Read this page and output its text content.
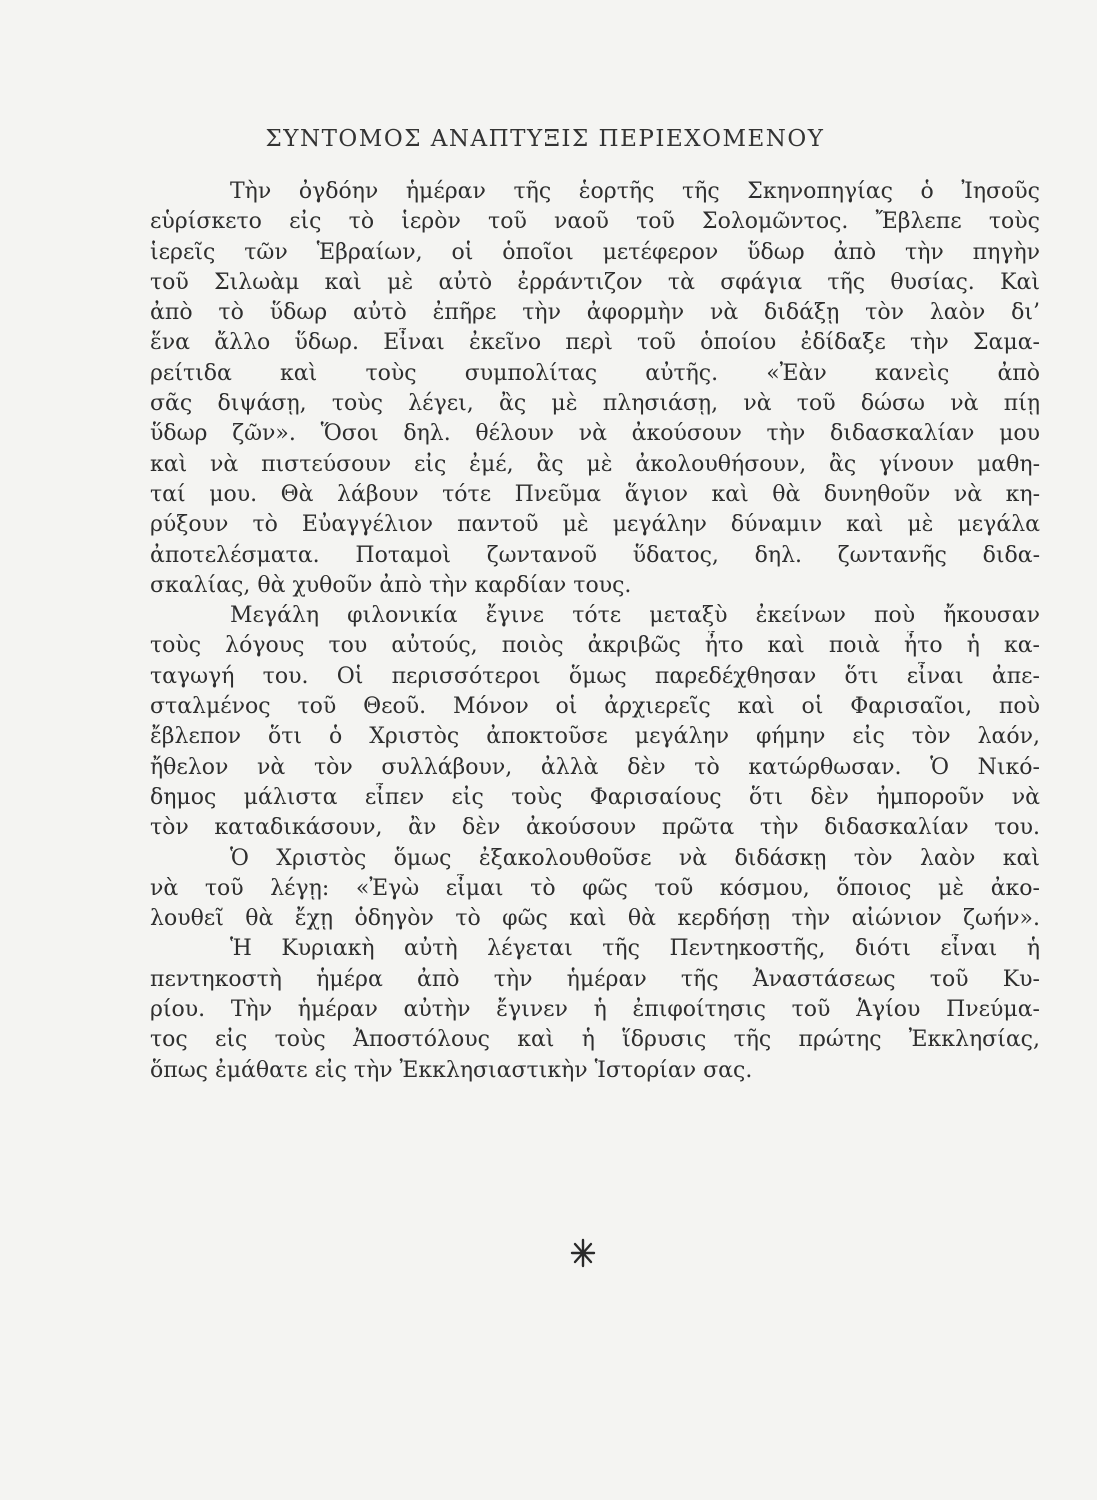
ΣΥΝΤΟΜΟΣ ΑΝΑΠΤΥΞΙΣ ΠΕΡΙΕΧΟΜΕΝΟΥ
Τὴν ὀγδόην ἡμέραν τῆς ἑορτῆς τῆς Σκηνοπηγίας ὁ Ἰησοῦς
εὑρίσκετο εἰς τὸ ἱερὸν τοῦ ναοῦ τοῦ Σολομῶντος. Ἔβλεπε τοὺς
ἱερεῖς τῶν Ἑβραίων, οἱ ὁποῖοι μετέφερον ὕδωρ ἀπὸ τὴν πηγὴν
τοῦ Σιλωὰμ καὶ μὲ αὐτὸ ἐρράντιζον τὰ σφάγια τῆς θυσίας. Καὶ
ἀπὸ τὸ ὕδωρ αὐτὸ ἐπῆρε τὴν ἀφορμὴν νὰ διδάξῃ τὸν λαὸν δι’
ἕνα ἄλλο ὕδωρ. Εἶναι ἐκεῖνο περὶ τοῦ ὁποίου ἐδίδαξε τὴν Σαμα-
ρείτιδα καὶ τοὺς συμπολίτας αὐτῆς. «Ἐὰν κανεὶς ἀπὸ
σᾶς διψάσῃ, τοὺς λέγει, ἂς μὲ πλησιάσῃ, νὰ τοῦ δώσω νὰ πίῃ
ὕδωρ ζῶν». Ὅσοι δηλ. θέλουν νὰ ἀκούσουν τὴν διδασκαλίαν μου
καὶ νὰ πιστεύσουν εἰς ἐμέ, ἂς μὲ ἀκολουθήσουν, ἂς γίνουν μαθη-
ταί μου. Θὰ λάβουν τότε Πνεῦμα ἅγιον καὶ θὰ δυνηθοῦν νὰ κη-
ρύξουν τὸ Εὐαγγέλιον παντοῦ μὲ μεγάλην δύναμιν καὶ μὲ μεγάλα
ἀποτελέσματα. Ποταμοὶ ζωντανοῦ ὕδατος, δηλ. ζωντανῆς διδα-
σκαλίας, θὰ χυθοῦν ἀπὸ τὴν καρδίαν τους.
Μεγάλη φιλονικία ἔγινε τότε μεταξὺ ἐκείνων ποὺ ἤκουσαν
τοὺς λόγους του αὐτούς, ποιὸς ἀκριβῶς ἦτο καὶ ποιὰ ἦτο ἡ κα-
ταγωγή του. Οἱ περισσότεροι ὅμως παρεδέχθησαν ὅτι εἶναι ἀπε-
σταλμένος τοῦ Θεοῦ. Μόνον οἱ ἀρχιερεῖς καὶ οἱ Φαρισαῖοι, ποὺ
ἔβλεπον ὅτι ὁ Χριστὸς ἀποκτοῦσε μεγάλην φήμην εἰς τὸν λαόν,
ἤθελον νὰ τὸν συλλάβουν, ἀλλὰ δὲν τὸ κατώρθωσαν. Ὁ Νικό-
δημος μάλιστα εἶπεν εἰς τοὺς Φαρισαίους ὅτι δὲν ἠμποροῦν νὰ
τὸν καταδικάσουν, ἂν δὲν ἀκούσουν πρῶτα τὴν διδασκαλίαν του.
Ὁ Χριστὸς ὅμως ἐξακολουθοῦσε νὰ διδάσκῃ τὸν λαὸν καὶ
νὰ τοῦ λέγῃ: «Ἐγὼ εἶμαι τὸ φῶς τοῦ κόσμου, ὅποιος μὲ ἀκο-
λουθεῖ θὰ ἔχῃ ὁδηγὸν τὸ φῶς καὶ θὰ κερδήσῃ τὴν αἰώνιον ζωήν».
Ἡ Κυριακὴ αὐτὴ λέγεται τῆς Πεντηκοστῆς, διότι εἶναι ἡ
πεντηκοστὴ ἡμέρα ἀπὸ τὴν ἡμέραν τῆς Ἀναστάσεως τοῦ Κυ-
ρίου. Τὴν ἡμέραν αὐτὴν ἔγινεν ἡ ἐπιφοίτησις τοῦ Ἁγίου Πνεύμα-
τος εἰς τοὺς Ἀποστόλους καὶ ἡ ἵδρυσις τῆς πρώτης Ἐκκλησίας,
ὅπως ἐμάθατε εἰς τὴν Ἐκκλησιαστικὴν Ἱστορίαν σας.
